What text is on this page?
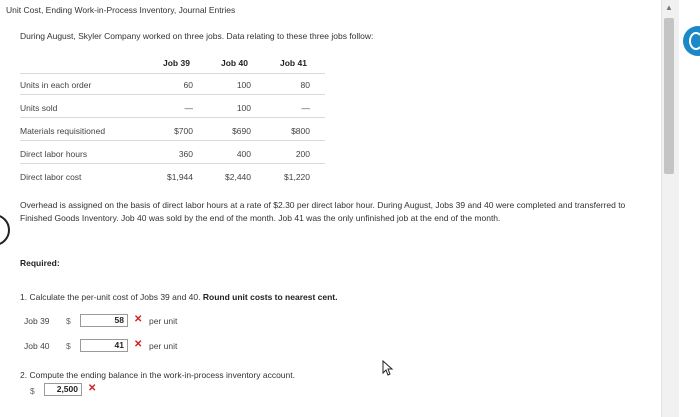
Unit Cost, Ending Work-in-Process Inventory, Journal Entries
During August, Skyler Company worked on three jobs. Data relating to these three jobs follow:
Job 39	Job 40	Job 41
Units in each order	60	100	80
Units sold	—	100	—
Materials requisitioned	$700	$690	$800
Direct labor hours	360	400	200
Direct labor cost	$1,944	$2,440	$1,220
Overhead is assigned on the basis of direct labor hours at a rate of $2.30 per direct labor hour. During August, Jobs 39 and 40 were completed and transferred to Finished Goods Inventory. Job 40 was sold by the end of the month. Job 41 was the only unfinished job at the end of the month.
Required:
1. Calculate the per-unit cost of Jobs 39 and 40. Round unit costs to nearest cent.
Job 39 $	58	✕ per unit
Job 40 $	41	✕ per unit
2. Compute the ending balance in the work-in-process inventory account.
$	2,500	✕
▲
